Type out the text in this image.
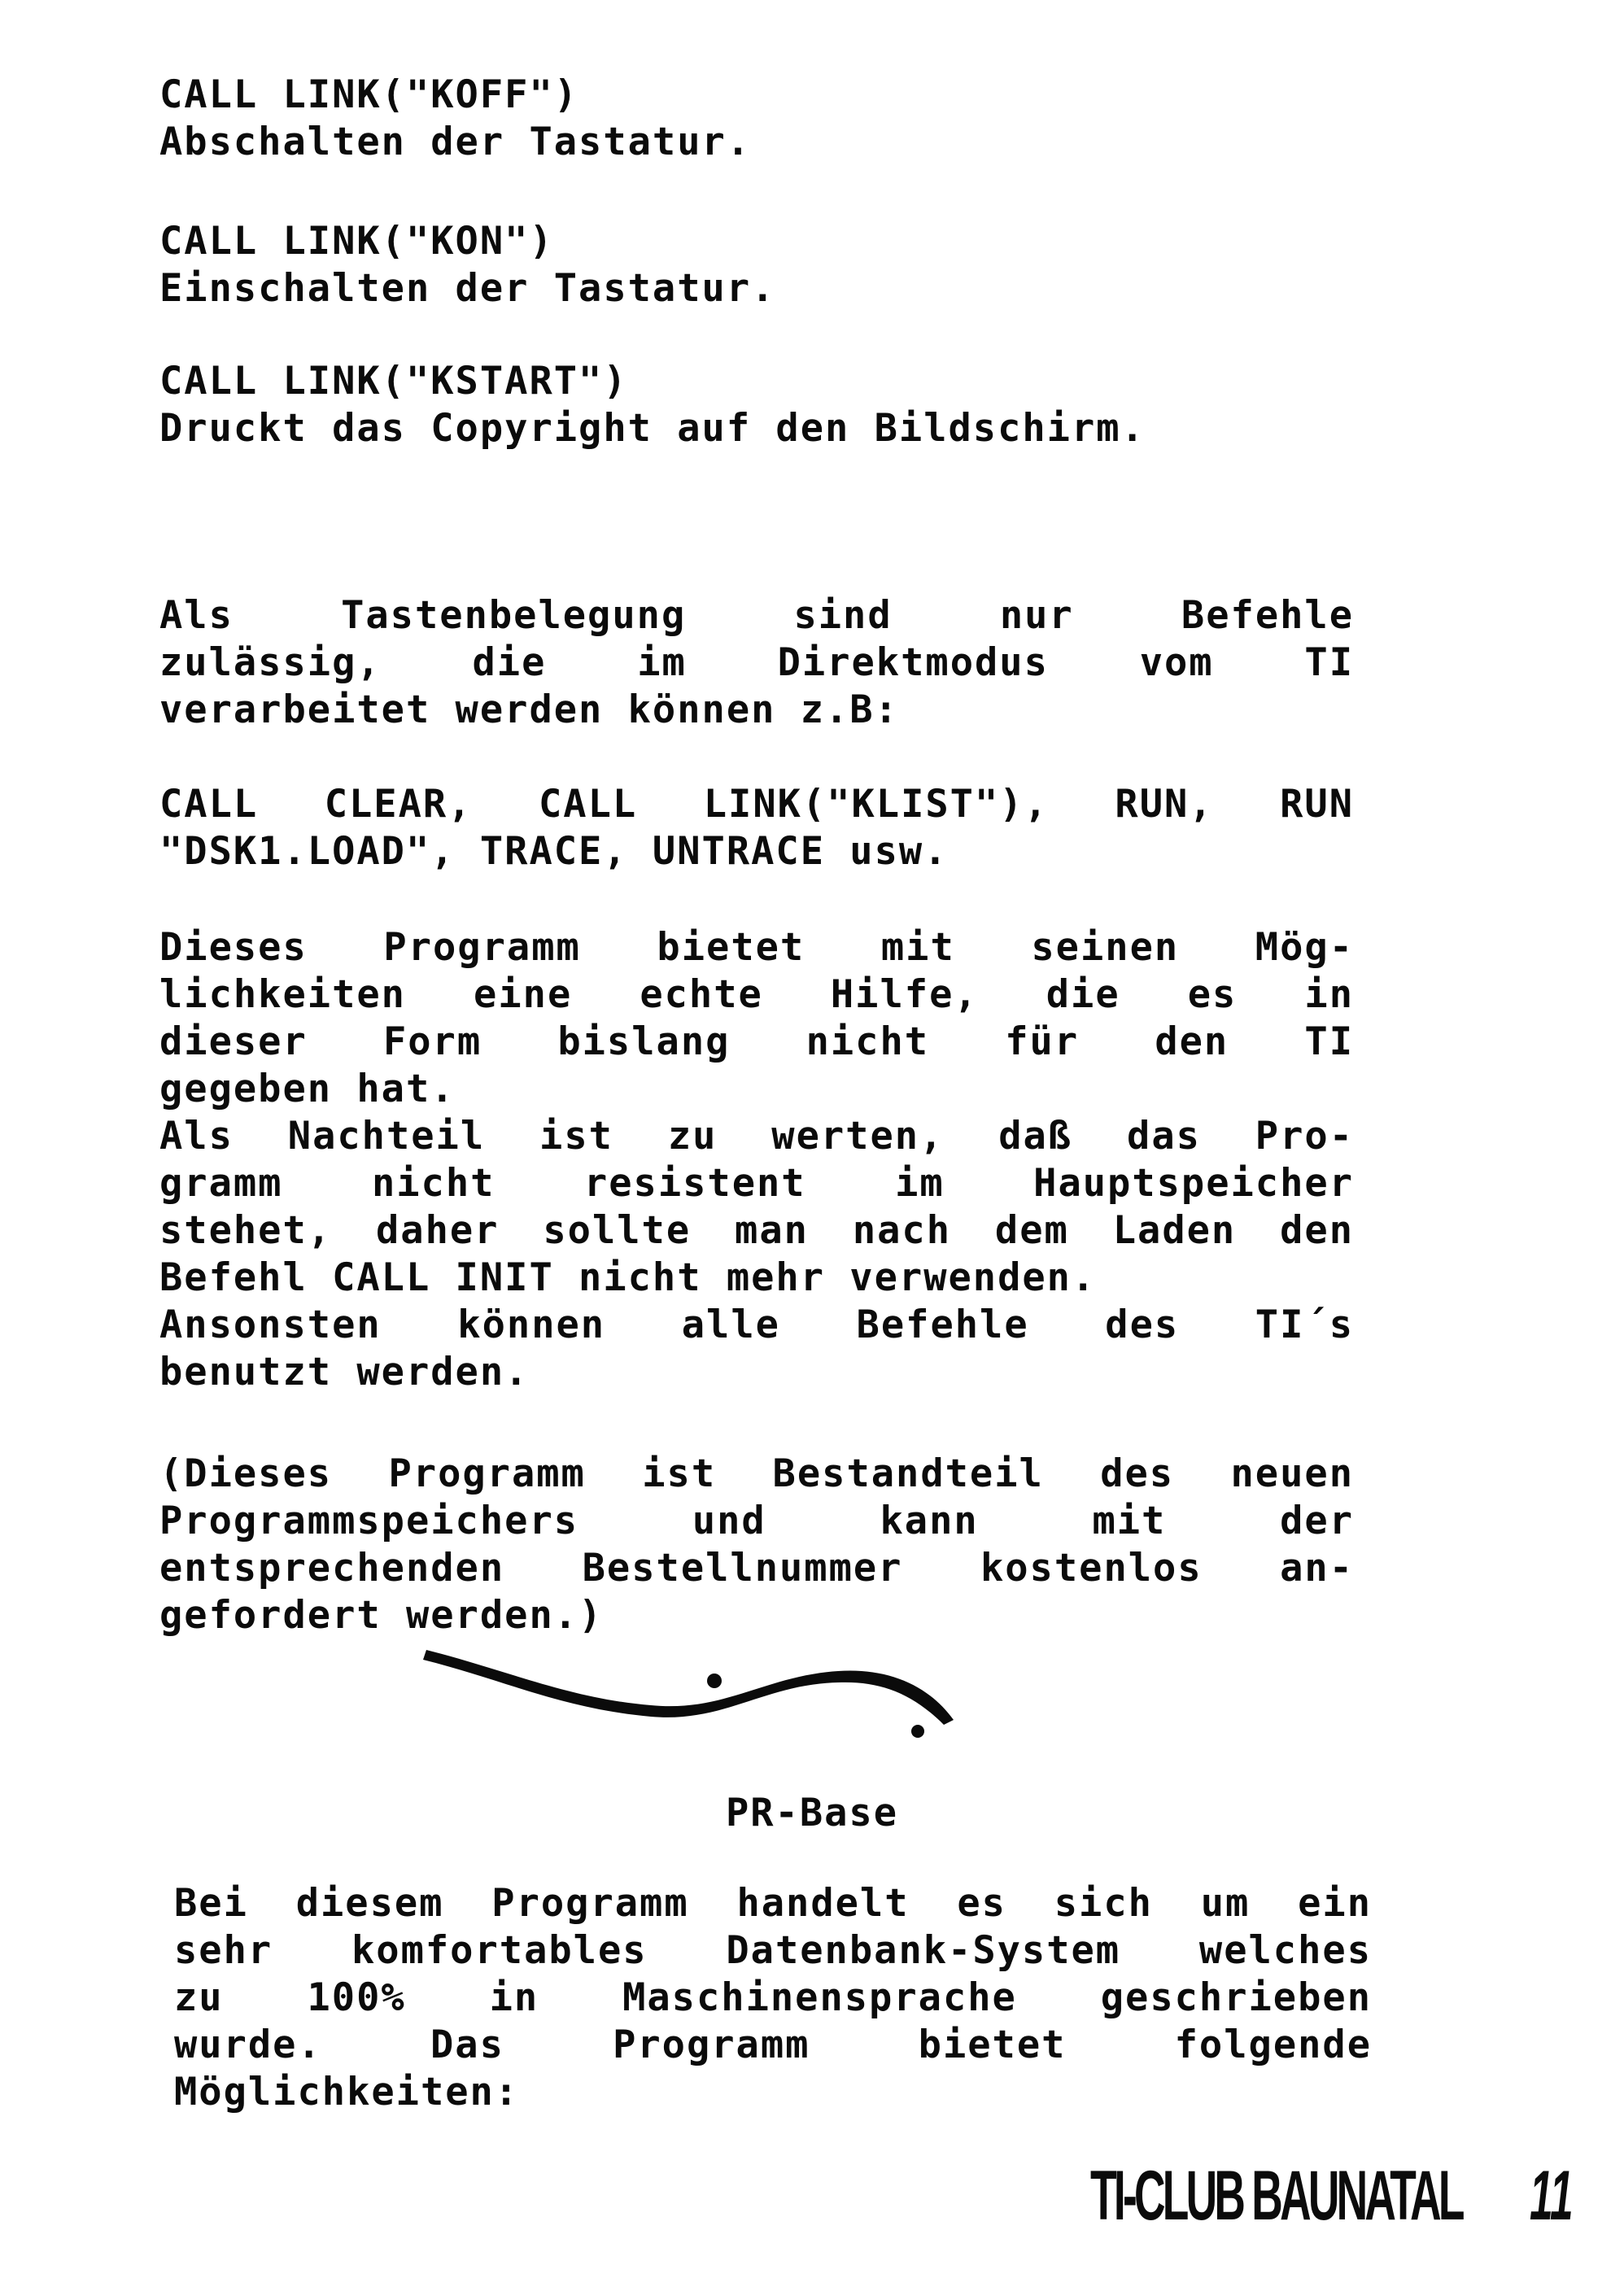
CALL LINK("KOFF")
Abschalten der Tastatur.
CALL LINK("KON")
Einschalten der Tastatur.
CALL LINK("KSTART")
Druckt das Copyright auf den Bildschirm.
Als Tastenbelegung sind nur Befehle
zulässig, die im Direktmodus vom TI
verarbeitet werden können z.B:
CALL CLEAR, CALL LINK("KLIST"), RUN, RUN
"DSK1.LOAD", TRACE, UNTRACE usw.
Dieses Programm bietet mit seinen Mög-
lichkeiten eine echte Hilfe, die es in
dieser Form bislang nicht für den TI
gegeben hat.
Als Nachteil ist zu werten, daß das Pro-
gramm nicht resistent im Hauptspeicher
stehet, daher sollte man nach dem Laden den
Befehl CALL INIT nicht mehr verwenden.
Ansonsten können alle Befehle des TI´s
benutzt werden.
(Dieses Programm ist Bestandteil des neuen
Programmspeichers und kann mit der
entsprechenden Bestellnummer kostenlos an-
gefordert werden.)
PR-Base
Bei diesem Programm handelt es sich um ein
sehr komfortables Datenbank-System welches
zu 100% in Maschinensprache geschrieben
wurde. Das Programm bietet folgende
Möglichkeiten:
TI-CLUB BAUNATAL 11
